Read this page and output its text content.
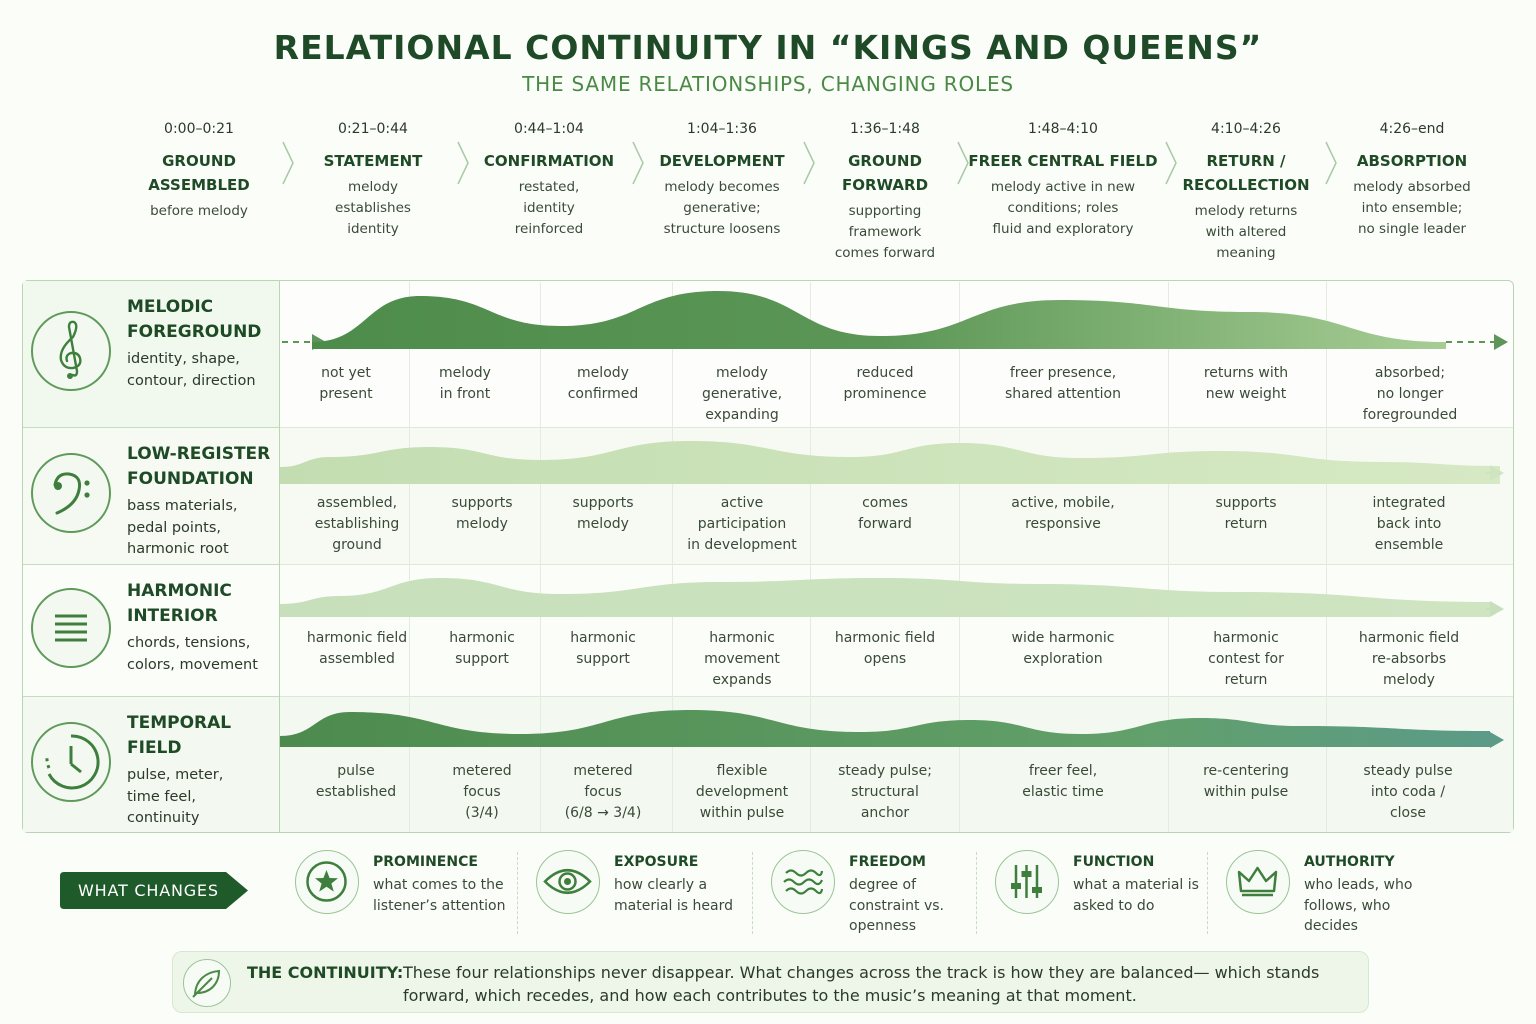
RELATIONAL CONTINUITY IN “KINGS AND QUEENS”
THE SAME RELATIONSHIPS, CHANGING ROLES
0:00–0:21
GROUND
ASSEMBLED
before melody
0:21–0:44
STATEMENT
melody
establishes
identity
0:44–1:04
CONFIRMATION
restated,
identity
reinforced
1:04–1:36
DEVELOPMENT
melody becomes
generative;
structure loosens
1:36–1:48
GROUND
FORWARD
supporting
framework
comes forward
1:48–4:10
FREER CENTRAL FIELD
melody active in new
conditions; roles
fluid and exploratory
4:10–4:26
RETURN /
RECOLLECTION
melody returns
with altered
meaning
4:26–end
ABSORPTION
melody absorbed
into ensemble;
no single leader
MELODIC
FOREGROUND
identity, shape,
contour, direction
LOW-REGISTER
FOUNDATION
bass materials,
pedal points,
harmonic root
HARMONIC
INTERIOR
chords, tensions,
colors, movement
TEMPORAL
FIELD
pulse, meter,
time feel,
continuity
not yet
present
melody
in front
melody
confirmed
melody
generative,
expanding
reduced
prominence
freer presence,
shared attention
returns with
new weight
absorbed;
no longer
foregrounded
assembled,
establishing
ground
supports
melody
supports
melody
active
participation
in development
comes
forward
active, mobile,
responsive
supports
return
integrated
back into
ensemble
harmonic field
assembled
harmonic
support
harmonic
support
harmonic
movement
expands
harmonic field
opens
wide harmonic
exploration
harmonic
contest for
return
harmonic field
re-absorbs
melody
pulse
established
metered
focus
(3/4)
metered
focus
(6/8 → 3/4)
flexible
development
within pulse
steady pulse;
structural
anchor
freer feel,
elastic time
re-centering
within pulse
steady pulse
into coda /
close
WHAT CHANGES
PROMINENCE
what comes to the listener’s attention
EXPOSURE
how clearly a material is heard
FREEDOM
degree of constraint vs. openness
FUNCTION
what a material is asked to do
AUTHORITY
who leads, who follows, who decides
THE CONTINUITY: These four relationships never disappear. What changes across the track is how they are balanced— which stands forward, which recedes, and how each contributes to the music’s meaning at that moment.
